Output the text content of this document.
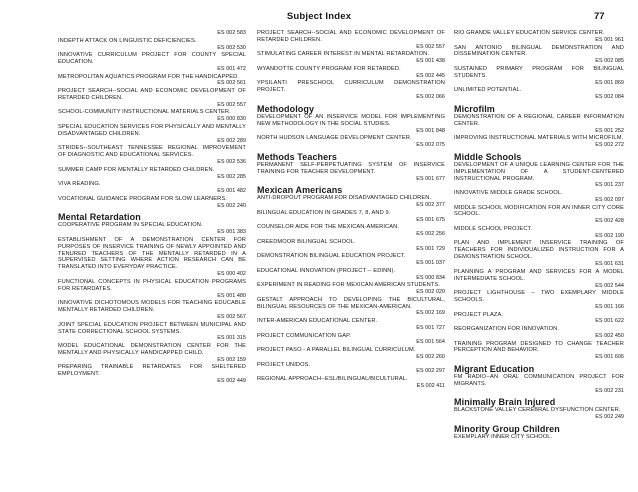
Subject Index	77
ES 002 583
INDEPTH ATTACK ON LINGUISTIC DEFICIENCIES.
ES 002 530
INNOVATIVE CURRICULUM PROJECT FOR COUNTY SPECIAL EDUCATION.
ES 001 472
METROPOLITAN AQUATICS PROGRAM FOR THE HANDICAPPED.
ES 002 561
PROJECT SEARCH--SOCIAL AND ECONOMIC DEVELOPMENT OF RETARDED CHILDREN.
ES 002 557
SCHOOL-COMMUNITY INSTRUCTIONAL MATERIALS CENTER.
ES 000 830
SPECIAL EDUCATION SERVICES FOR PHYSICALLY AND MENTALLY DISADVANTAGED CHILDREN.
ES 002 289
STRIDES--SOUTHEAST TENNESSEE REGIONAL IMPROVEMENT OF DIAGNOSTIC AND EDUCATIONAL SERVICES.
ES 002 536
SUMMER CAMP FOR MENTALLY RETARDED CHILDREN.
ES 002 285
VIVA READING.
ES 001 482
VOCATIONAL GUIDANCE PROGRAM FOR SLOW LEARNERS.
ES 002 240
Mental Retardation
COOPERATIVE PROGRAM IN SPECIAL EDUCATION.
ES 001 383
ESTABLISHMENT OF A DEMONSTRATION CENTER FOR PURPOSES OF INSERVICE TRAINING OF NEWLY APPOINTED AND TENURED TEACHERS OF THE MENTALLY RETARDED IN A SUPERVISED SETTING WHERE ACTION RESEARCH CAN BE TRANSLATED INTO EVERYDAY PRACTICE.
ES 000 402
FUNCTIONAL CONCEPTS IN PHYSICAL EDUCATION PROGRAMS FOR RETARDATES.
ES 001 480
INNOVATIVE DICHOTOMOUS MODELS FOR TEACHING EDUCABLE MENTALLY RETARDED CHILDREN.
ES 002 567
JOINT SPECIAL EDUCATION PROJECT BETWEEN MUNICIPAL AND STATE CORRECTIONAL SCHOOL SYSTEMS.
ES 001 315
MODEL EDUCATIONAL DEMONSTRATION CENTER FOR THE MENTALLY AND PHYSICALLY HANDICAPPED CHILD.
ES 002 159
PREPARING TRAINABLE RETARDATES FOR SHELTERED EMPLOYMENT.
ES 002 449
PROJECT SEARCH--SOCIAL AND ECONOMIC DEVELOPMENT OF RETARDED CHILDREN.
ES 002 557
STIMULATING CAREER INTEREST IN MENTAL RETARDATION.
ES 001 438
WYANDOTTE COUNTY PROGRAM FOR RETARDED.
ES 002 445
YPSILANTI PRESCHOOL CURRICULUM DEMONSTRATION PROJECT.
ES 002 066
Methodology
DEVELOPMENT OF AN INSERVICE MODEL FOR IMPLEMENTING NEW METHODOLOGY IN THE SOCIAL STUDIES.
ES 001 848
NORTH HUDSON LANGUAGE DEVELOPMENT CENTER.
ES 002 075
Methods Teachers
PERMANENT SELF-PERPETUATING SYSTEM OF INSERVICE TRAINING FOR TEACHER DEVELOPMENT.
ES 001 677
Mexican Americans
ANTI-DROPOUT PROGRAM FOR DISADVANTAGED CHILDREN.
ES 002 377
BILINGUAL EDUCATION IN GRADES 7, 8, AND 9.
ES 001 675
COUNSELOR AIDE FOR THE MEXICAN-AMERICAN.
ES 002 256
CREEDMOOR BILINGUAL SCHOOL.
ES 001 729
DEMONSTRATION BILINGUAL EDUCATION PROJECT.
ES 001 037
EDUCATIONAL INNOVATION (PROJECT -- EDINN).
ES 000 834
EXPERIMENT IN READING FOR MEXICAN AMERICAN STUDENTS.
ES 002 020
GESTALT APPROACH TO DEVELOPING THE BICULTURAL, BILINGUAL RESOURCES OF THE MEXICAN-AMERICAN.
ES 002 169
INTER-AMERICAN EDUCATIONAL CENTER.
ES 001 727
PROJECT COMMUNICATION GAP.
ES 001 564
PROJECT PASO - A PARALLEL BILINGUAL CURRICULUM.
ES 002 260
PROJECT UNIDOS.
ES 002 297
REGIONAL APPROACH--ESL/BILINGUAL/BICULTURAL.
ES 002 411
RIO GRANDE VALLEY EDUCATION SERVICE CENTER.
ES 001 961
SAN ANTONIO BILINGUAL DEMONSTRATION AND DISSEMINATION CENTER.
ES 002 085
SUSTAINED PRIMARY PROGRAM FOR BILINGUAL STUDENTS.
ES 001 869
UNLIMITED POTENTIAL.
ES 002 084
Microfilm
DEMONSTRATION OF A REGIONAL CAREER INFORMATION CENTER.
ES 001 252
IMPROVING INSTRUCTIONAL MATERIALS WITH MICROFILM.
ES 002 272
Middle Schools
DEVELOPMENT OF A UNIQUE LEARNING CENTER FOR THE IMPLEMENTATION OF A STUDENT-CENTERED INSTRUCTIONAL PROGRAM.
ES 001 237
INNOVATIVE MIDDLE GRADE SCHOOL.
ES 002 097
MIDDLE SCHOOL MODIFICATION FOR AN INNER CITY CORE SCHOOL.
ES 002 428
MIDDLE SCHOOL PROJECT.
ES 002 190
PLAN AND IMPLEMENT INSERVICE TRAINING OF TEACHERS FOR INDIVIDUALIZED INSTRUCTION FOR A DEMONSTRATION SCHOOL.
ES 001 631
PLANNING A PROGRAM AND SERVICES FOR A MODEL INTERMEDIATE SCHOOL.
ES 002 544
PROJECT LIGHTHOUSE -- TWO EXEMPLARY MIDDLE SCHOOLS.
ES 001 166
PROJECT PLAZA.
ES 001 622
REORGANIZATION FOR INNOVATION.
ES 002 450
TRAINING PROGRAM DESIGNED TO CHANGE TEACHER PERCEPTION AND BEHAVIOR.
ES 001 606
Migrant Education
FM RADIO--AN ORAL COMMUNICATION PROJECT FOR MIGRANTS.
ES 002 231
Minimally Brain Injured
BLACKSTONE VALLEY CEREBRAL DYSFUNCTION CENTER.
ES 002 249
Minority Group Children
EXEMPLARY INNER CITY SCHOOL.
